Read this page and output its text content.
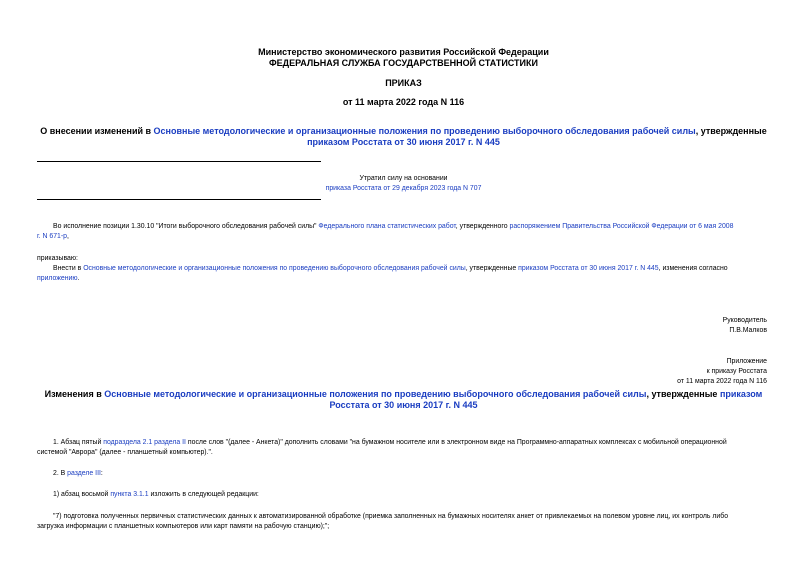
Министерство экономического развития Российской Федерации
ФЕДЕРАЛЬНАЯ СЛУЖБА ГОСУДАРСТВЕННОЙ СТАТИСТИКИ
ПРИКАЗ
от 11 марта 2022 года N 116
О внесении изменений в Основные методологические и организационные положения по проведению выборочного обследования рабочей силы, утвержденные
приказом Росстата от 30 июня 2017 г. N 445
Утратил силу на основании
приказа Росстата от 29 декабря 2023 года N 707
Во исполнение позиции 1.30.10 "Итоги выборочного обследования рабочей силы" Федерального плана статистических работ, утвержденного распоряжением Правительства Российской Федерации от 6 мая 2008
г. N 671-р,
приказываю:
Внести в Основные методологические и организационные положения по проведению выборочного обследования рабочей силы, утвержденные приказом Росстата от 30 июня 2017 г. N 445, изменения согласно
приложению.
Руководитель
П.В.Малков
Приложение
к приказу Росстата
от 11 марта 2022 года N 116
Изменения в Основные методологические и организационные положения по проведению выборочного обследования рабочей силы, утвержденные приказом
Росстата от 30 июня 2017 г. N 445
1. Абзац пятый подраздела 2.1 раздела II после слов "(далее - Анкета)" дополнить словами "на бумажном носителе или в электронном виде на Программно-аппаратных комплексах с мобильной операционной
системой "Аврора" (далее - планшетный компьютер).".
2. В разделе III:
1) абзац восьмой пункта 3.1.1 изложить в следующей редакции:
"7) подготовка полученных первичных статистических данных к автоматизированной обработке (приемка заполненных на бумажных носителях анкет от привлекаемых на полевом уровне лиц, их контроль либо
загрузка информации с планшетных компьютеров или карт памяти на рабочую станцию);";
